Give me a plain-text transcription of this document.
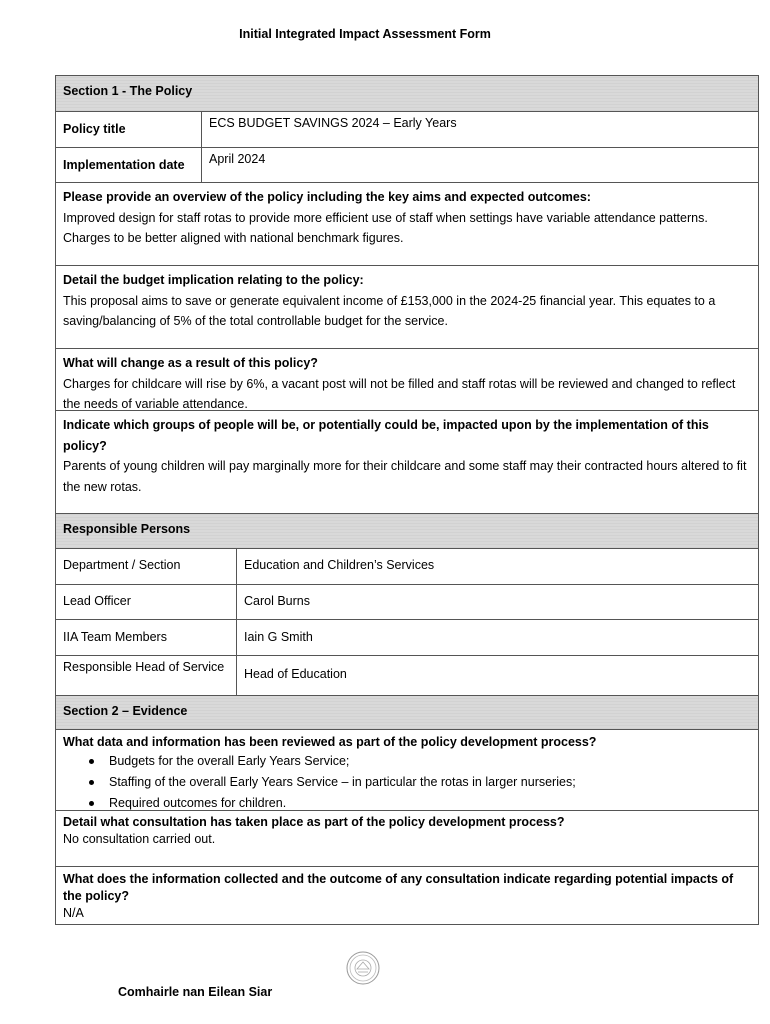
Initial Integrated Impact Assessment Form
Section 1 - The Policy
Policy title	ECS BUDGET SAVINGS 2024 – Early Years
Implementation date	April 2024
Please provide an overview of the policy including the key aims and expected outcomes:
Improved design for staff rotas to provide more efficient use of staff when settings have variable attendance patterns. Charges to be better aligned with national benchmark figures.
Detail the budget implication relating to the policy:
This proposal aims to save or generate equivalent income of £153,000 in the 2024-25 financial year. This equates to a saving/balancing of 5% of the total controllable budget for the service.
What will change as a result of this policy?
Charges for childcare will rise by 6%, a vacant post will not be filled and staff rotas will be reviewed and changed to reflect the needs of variable attendance.
Indicate which groups of people will be, or potentially could be, impacted upon by the implementation of this policy?
Parents of young children will pay marginally more for their childcare and some staff may their contracted hours altered to fit the new rotas.
Responsible Persons
Department / Section	Education and Children’s Services
Lead Officer	Carol Burns
IIA Team Members	Iain G Smith
Responsible Head of Service	Head of Education
Section 2 – Evidence
What data and information has been reviewed as part of the policy development process?
Budgets for the overall Early Years Service;
Staffing of the overall Early Years Service – in particular the rotas in larger nurseries;
Required outcomes for children.
Detail what consultation has taken place as part of the policy development process?
No consultation carried out.
What does the information collected and the outcome of any consultation indicate regarding potential impacts of the policy?
N/A
Comhairle nan Eilean Siar
